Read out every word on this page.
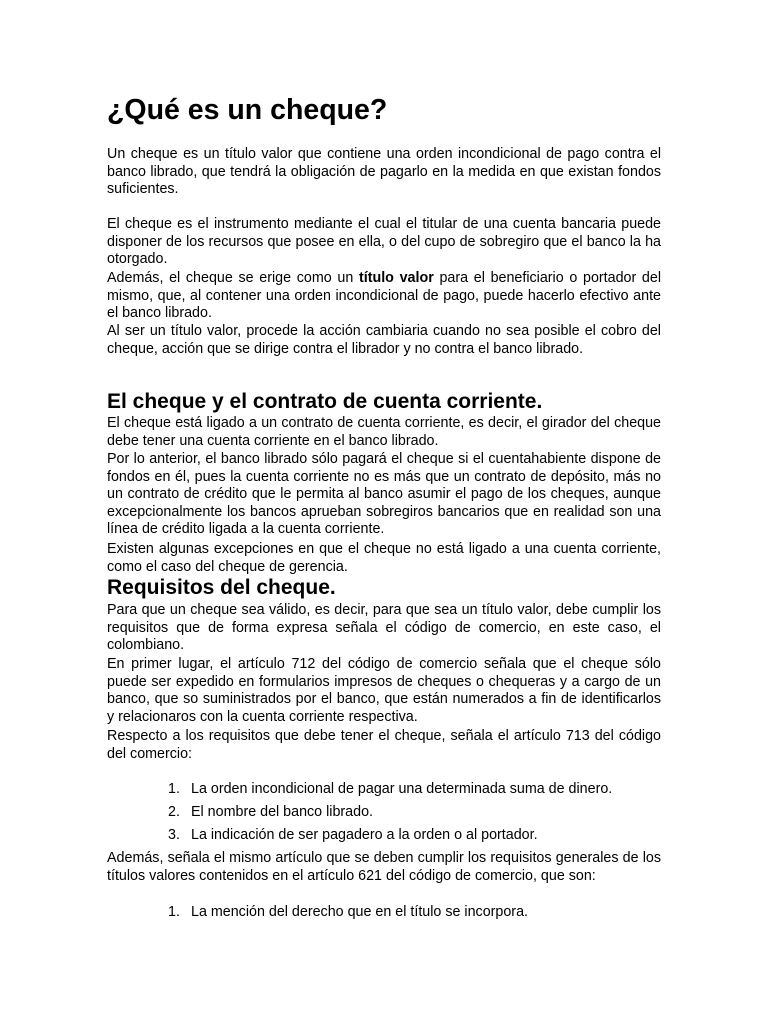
¿Qué es un cheque?

Un cheque es un título valor que contiene una orden incondicional de pago contra el banco librado, que tendrá la obligación de pagarlo en la medida en que existan fondos suficientes.

El cheque es el instrumento mediante el cual el titular de una cuenta bancaria puede disponer de los recursos que posee en ella, o del cupo de sobregiro que el banco la ha otorgado.

Además, el cheque se erige como un título valor para el beneficiario o portador del mismo, que, al contener una orden incondicional de pago, puede hacerlo efectivo ante el banco librado.

Al ser un título valor, procede la acción cambiaria cuando no sea posible el cobro del cheque, acción que se dirige contra el librador y no contra el banco librado.

El cheque y el contrato de cuenta corriente.

El cheque está ligado a un contrato de cuenta corriente, es decir, el girador del cheque debe tener una cuenta corriente en el banco librado.

Por lo anterior, el banco librado sólo pagará el cheque si el cuentahabiente dispone de fondos en él, pues la cuenta corriente no es más que un contrato de depósito, más no un contrato de crédito que le permita al banco asumir el pago de los cheques, aunque excepcionalmente los bancos aprueban sobregiros bancarios que en realidad son una línea de crédito ligada a la cuenta corriente.

Existen algunas excepciones en que el cheque no está ligado a una cuenta corriente, como el caso del cheque de gerencia.

Requisitos del cheque.

Para que un cheque sea válido, es decir, para que sea un título valor, debe cumplir los requisitos que de forma expresa señala el código de comercio, en este caso, el colombiano.

En primer lugar, el artículo 712 del código de comercio señala que el cheque sólo puede ser expedido en formularios impresos de cheques o chequeras y a cargo de un banco, que so suministrados por el banco, que están numerados a fin de identificarlos y relacionaros con la cuenta corriente respectiva.

Respecto a los requisitos que debe tener el cheque, señala el artículo 713 del código del comercio:

1. La orden incondicional de pagar una determinada suma de dinero.
2. El nombre del banco librado.
3. La indicación de ser pagadero a la orden o al portador.

Además, señala el mismo artículo que se deben cumplir los requisitos generales de los títulos valores contenidos en el artículo 621 del código de comercio, que son:

1. La mención del derecho que en el título se incorpora.
